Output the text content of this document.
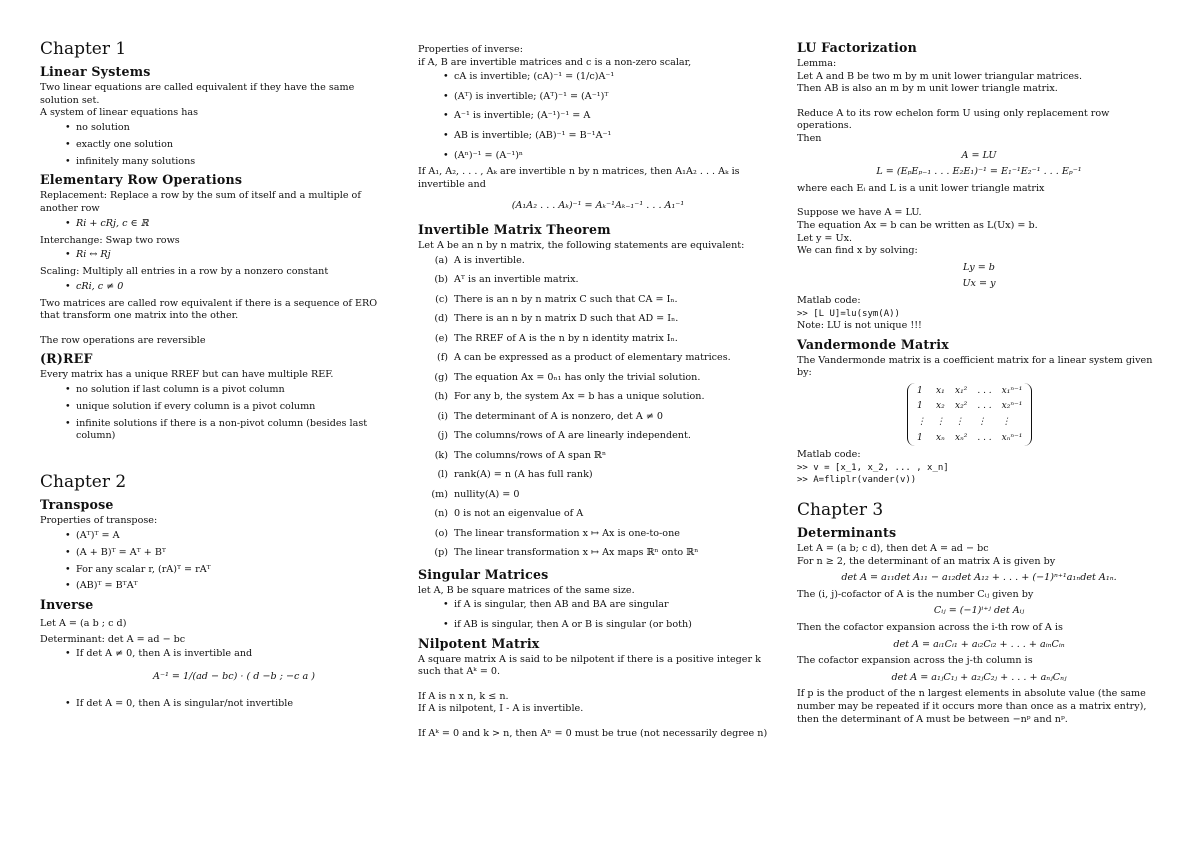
Chapter 1
Linear Systems

Two linear equations are called equivalent if they have the same solution set.

A system of linear equations has

• no solution
• exactly one solution
• infinitely many solutions
Elementary Row Operations

Replacement: Replace a row by the sum of itself and a multiple of another row

• Ri + cRj, c ∈ ℝ

Interchange: Swap two rows

• Ri ↔ Rj

Scaling: Multiply all entries in a row by a nonzero constant

• cRi, c ≠ 0

Two matrices are called row equivalent if there is a sequence of ERO that transform one matrix into the other.

The row operations are reversible

(R)REF

Every matrix has a unique RREF but can have multiple REF.

• no solution if last column is a pivot column
• unique solution if every column is a pivot column
• infinite solutions if there is a non-pivot column (besides last column)
Chapter 2
Transpose

Properties of transpose:

• (Aᵀ)ᵀ = A
• (A + B)ᵀ = Aᵀ + Bᵀ
• For any scalar r, (rA)ᵀ = rAᵀ
• (AB)ᵀ = BᵀAᵀ
Inverse
Let A = (a b ; c d)

Determinant: det A = ad − bc

• If det A ≠ 0, then A is invertible and
A⁻¹ = 1/(ad − bc) · ( d −b ; −c a )
• If det A = 0, then A is singular/not invertible

Properties of inverse:

if A, B are invertible matrices and c is a non-zero scalar,

• cA is invertible; (cA)⁻¹ = (1/c)A⁻¹
• (Aᵀ) is invertible; (Aᵀ)⁻¹ = (A⁻¹)ᵀ
• A⁻¹ is invertible; (A⁻¹)⁻¹ = A
• AB is invertible; (AB)⁻¹ = B⁻¹A⁻¹
• (Aⁿ)⁻¹ = (A⁻¹)ⁿ

If A₁, A₂, . . . , Aₖ are invertible n by n matrices, then A₁A₂ . . . Aₖ is invertible and

(A₁A₂ . . . Aₖ)⁻¹ = Aₖ⁻¹Aₖ₋₁⁻¹ . . . A₁⁻¹
Invertible Matrix Theorem

Let A be an n by n matrix, the following statements are equivalent:

(a) A is invertible.
(b) Aᵀ is an invertible matrix.
(c) There is an n by n matrix C such that CA = Iₙ.
(d) There is an n by n matrix D such that AD = Iₙ.
(e) The RREF of A is the n by n identity matrix Iₙ.
(f) A can be expressed as a product of elementary matrices.
(g) The equation Ax = 0ₙ₁ has only the trivial solution.
(h) For any b, the system Ax = b has a unique solution.
(i) The determinant of A is nonzero, det A ≠ 0
(j) The columns/rows of A are linearly independent.
(k) The columns/rows of A span ℝⁿ
(l) rank(A) = n (A has full rank)
(m) nullity(A) = 0
(n) 0 is not an eigenvalue of A
(o) The linear transformation x ↦ Ax is one-to-one
(p) The linear transformation x ↦ Ax maps ℝⁿ onto ℝⁿ
Singular Matrices

let A, B be square matrices of the same size.

• if A is singular, then AB and BA are singular
• if AB is singular, then A or B is singular (or both)
Nilpotent Matrix

A square matrix A is said to be nilpotent if there is a positive integer k such that Aᵏ = 0.

If A is n x n, k ≤ n.

If A is nilpotent, I - A is invertible.

If Aᵏ = 0 and k > n, then Aⁿ = 0 must be true (not necessarily degree n)

LU Factorization

Lemma:

Let A and B be two m by m unit lower triangular matrices.

Then AB is also an m by m unit lower triangle matrix.

Reduce A to its row echelon form U using only replacement row operations.

Then

A = LU
L = (EₚEₚ₋₁ . . . E₂E₁)⁻¹ = E₁⁻¹E₂⁻¹ . . . Eₚ⁻¹

where each Eᵢ and L is a unit lower triangle matrix

Suppose we have A = LU.

The equation Ax = b can be written as L(Ux) = b.

Let y = Ux.

We can find x by solving:

Ly = b
Ux = y

Matlab code:

>> [L U]=lu(sym(A))

Note: LU is not unique !!!

Vandermonde Matrix

The Vandermonde matrix is a coefficient matrix for a linear system given by:

1	x₁	x₁²	. . .	x₁ⁿ⁻¹
1	x₂	x₂²	. . .	x₂ⁿ⁻¹
⋮	⋮	⋮	⋮	⋮
1	xₙ	xₙ²	. . .	xₙⁿ⁻¹

Matlab code:

>> v = [x_1, x_2, ... , x_n]

>> A=fliplr(vander(v))

Chapter 3
Determinants

Let A = (a b; c d), then det A = ad − bc

For n ≥ 2, the determinant of an matrix A is given by

det A = a₁₁det A₁₁ − a₁₂det A₁₂ + . . . + (−1)ⁿ⁺¹a₁ₙdet A₁ₙ.

The (i, j)-cofactor of A is the number Cᵢⱼ given by

Cᵢⱼ = (−1)ⁱ⁺ʲ det Aᵢⱼ

Then the cofactor expansion across the i-th row of A is

det A = aᵢ₁Cᵢ₁ + aᵢ₂Cᵢ₂ + . . . + aᵢₙCᵢₙ

The cofactor expansion across the j-th column is

det A = a₁ⱼC₁ⱼ + a₂ⱼC₂ⱼ + . . . + aₙⱼCₙⱼ

If p is the product of the n largest elements in absolute value (the same number may be repeated if it occurs more than once as a matrix entry), then the determinant of A must be between −nᵖ and nᵖ.
